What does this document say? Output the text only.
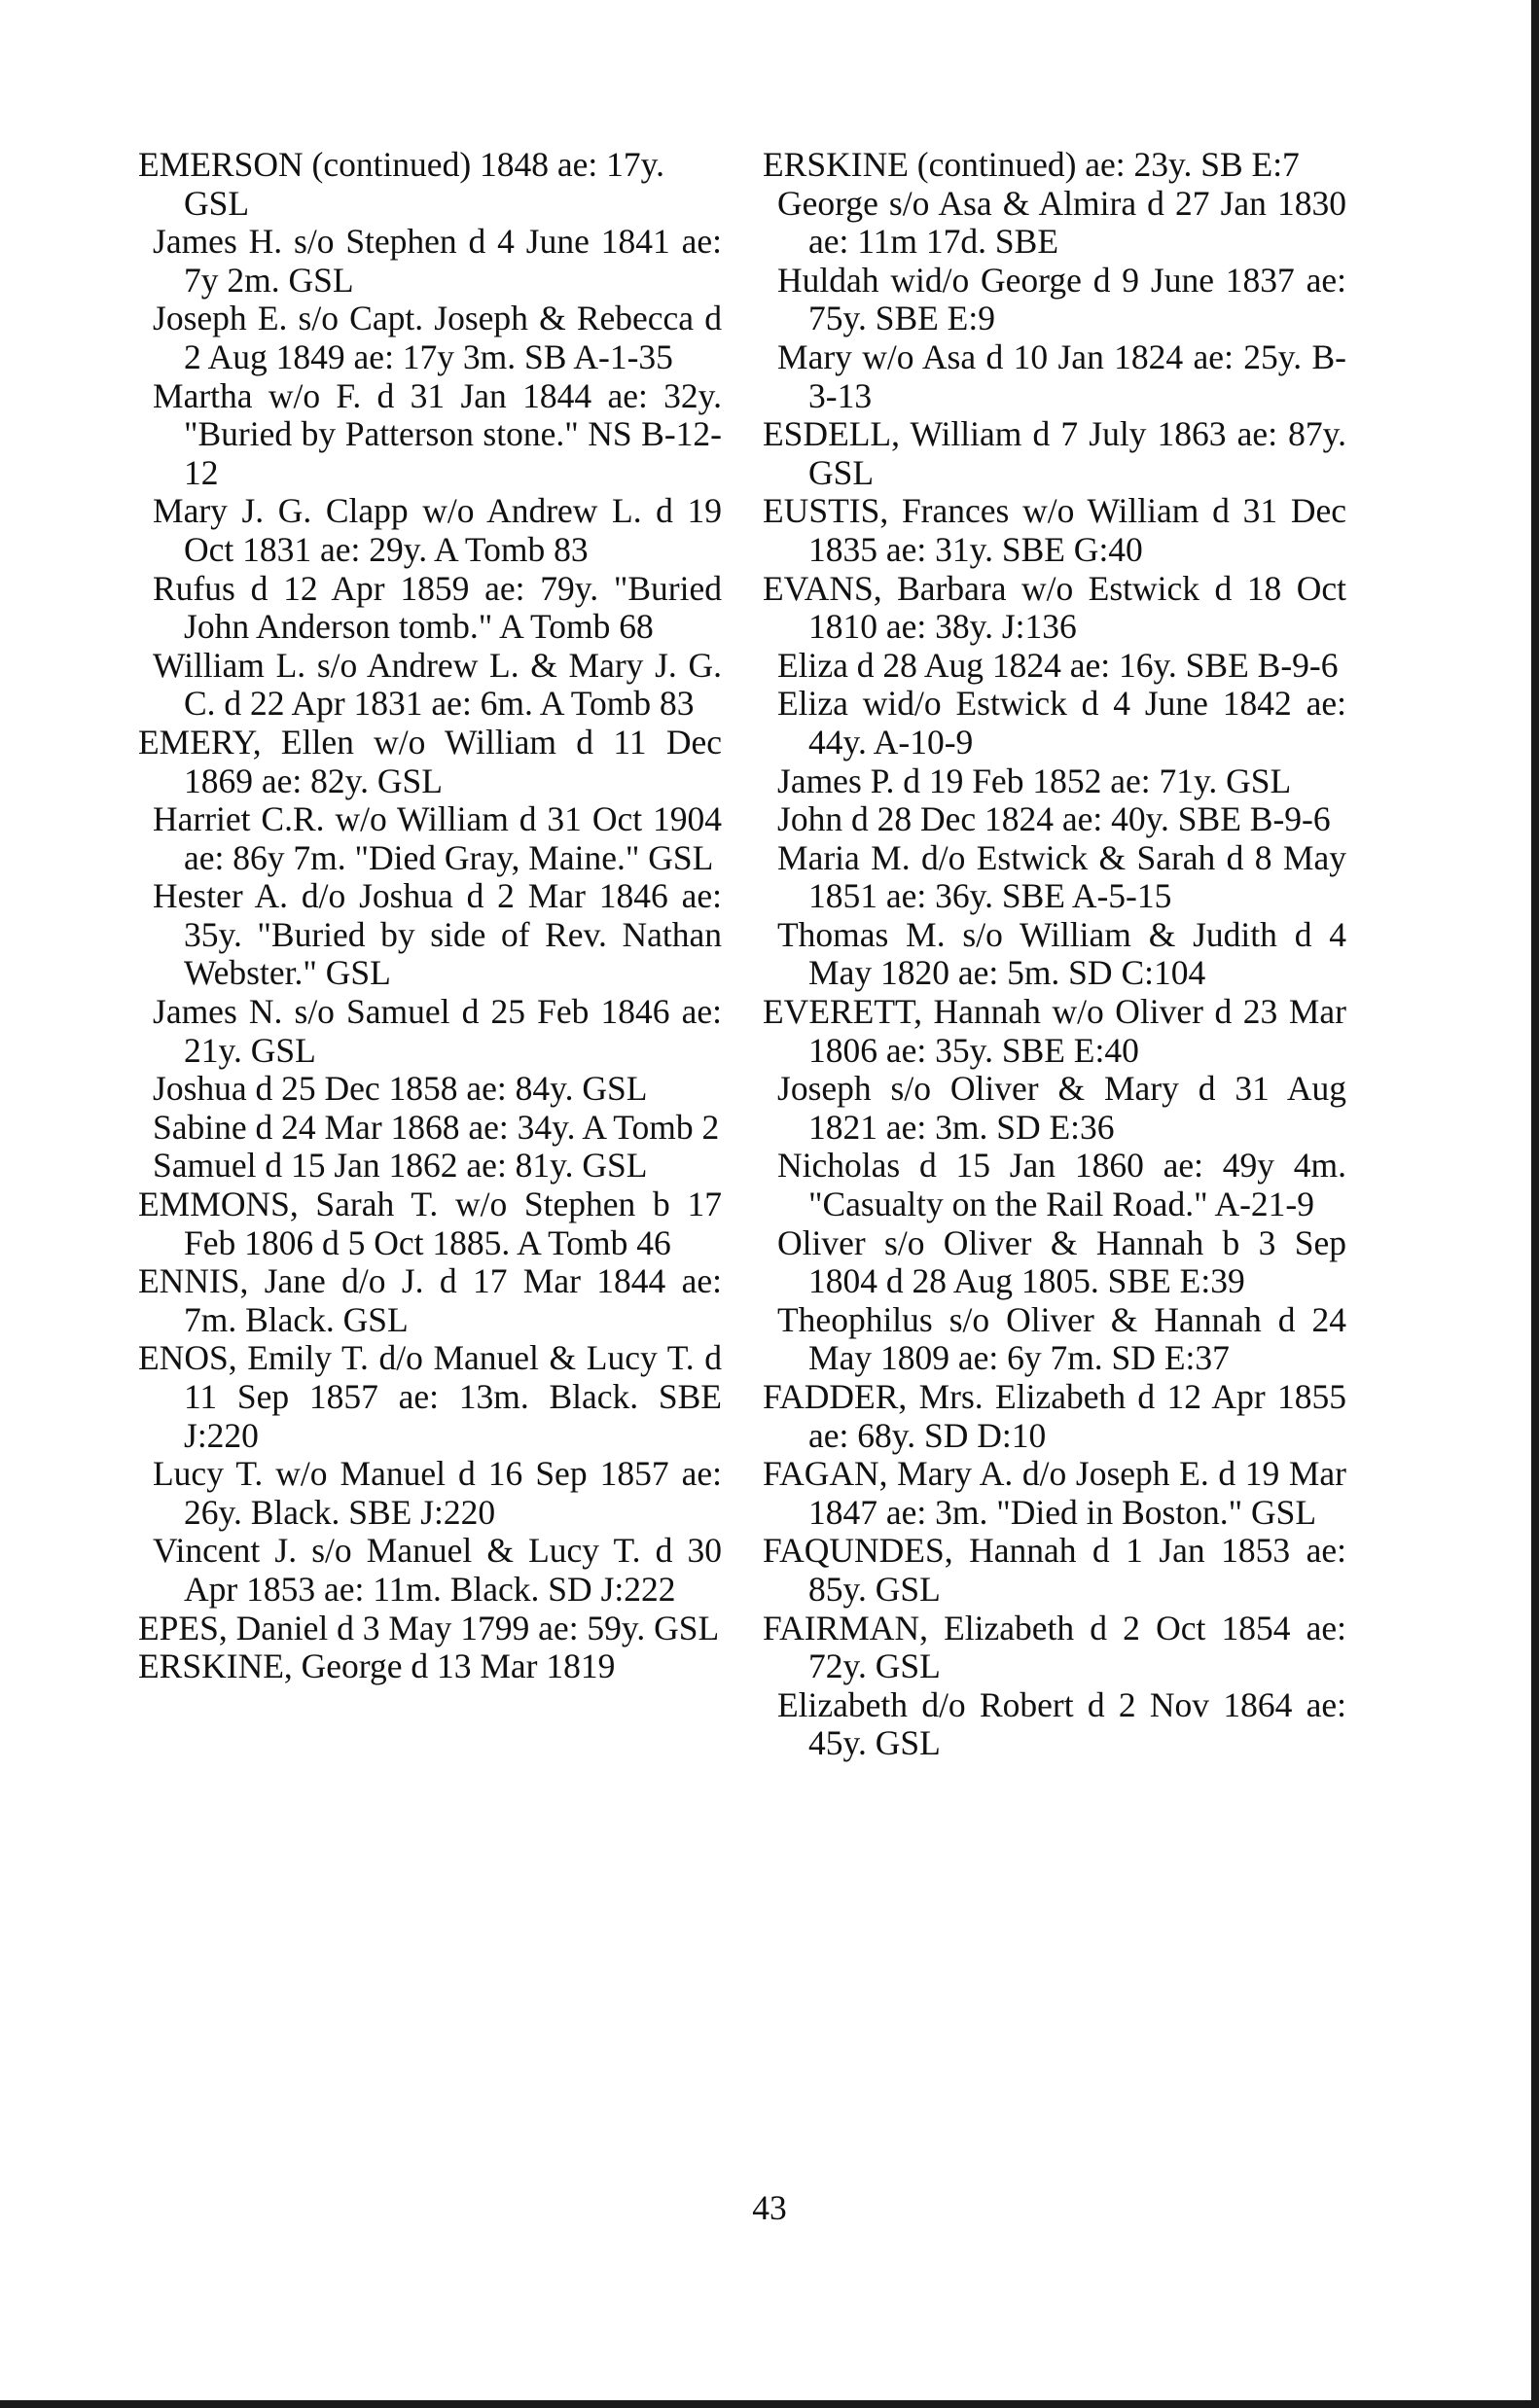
EMERSON (continued) 1848 ae: 17y. GSL

James H. s/o Stephen d 4 June 1841 ae: 7y 2m. GSL

Joseph E. s/o Capt. Joseph & Rebecca d 2 Aug 1849 ae: 17y 3m. SB A-1-35

Martha w/o F. d 31 Jan 1844 ae: 32y. "Buried by Patterson stone." NS B-12-12

Mary J. G. Clapp w/o Andrew L. d 19 Oct 1831 ae: 29y. A Tomb 83

Rufus d 12 Apr 1859 ae: 79y. "Buried John Anderson tomb." A Tomb 68

William L. s/o Andrew L. & Mary J. G. C. d 22 Apr 1831 ae: 6m. A Tomb 83

EMERY, Ellen w/o William d 11 Dec 1869 ae: 82y. GSL

Harriet C.R. w/o William d 31 Oct 1904 ae: 86y 7m. "Died Gray, Maine." GSL

Hester A. d/o Joshua d 2 Mar 1846 ae: 35y. "Buried by side of Rev. Nathan Webster." GSL

James N. s/o Samuel d 25 Feb 1846 ae: 21y. GSL

Joshua d 25 Dec 1858 ae: 84y. GSL

Sabine d 24 Mar 1868 ae: 34y. A Tomb 2

Samuel d 15 Jan 1862 ae: 81y. GSL

EMMONS, Sarah T. w/o Stephen b 17 Feb 1806 d 5 Oct 1885. A Tomb 46

ENNIS, Jane d/o J. d 17 Mar 1844 ae: 7m. Black. GSL

ENOS, Emily T. d/o Manuel & Lucy T. d 11 Sep 1857 ae: 13m. Black. SBE J:220

Lucy T. w/o Manuel d 16 Sep 1857 ae: 26y. Black. SBE J:220

Vincent J. s/o Manuel & Lucy T. d 30 Apr 1853 ae: 11m. Black. SD J:222

EPES, Daniel d 3 May 1799 ae: 59y. GSL

ERSKINE, George d 13 Mar 1819

ERSKINE (continued) ae: 23y. SB E:7

George s/o Asa & Almira d 27 Jan 1830 ae: 11m 17d. SBE

Huldah wid/o George d 9 June 1837 ae: 75y. SBE E:9

Mary w/o Asa d 10 Jan 1824 ae: 25y. B-3-13

ESDELL, William d 7 July 1863 ae: 87y. GSL

EUSTIS, Frances w/o William d 31 Dec 1835 ae: 31y. SBE G:40

EVANS, Barbara w/o Estwick d 18 Oct 1810 ae: 38y. J:136

Eliza d 28 Aug 1824 ae: 16y. SBE B-9-6

Eliza wid/o Estwick d 4 June 1842 ae: 44y. A-10-9

James P. d 19 Feb 1852 ae: 71y. GSL

John d 28 Dec 1824 ae: 40y. SBE B-9-6

Maria M. d/o Estwick & Sarah d 8 May 1851 ae: 36y. SBE A-5-15

Thomas M. s/o William & Judith d 4 May 1820 ae: 5m. SD C:104

EVERETT, Hannah w/o Oliver d 23 Mar 1806 ae: 35y. SBE E:40

Joseph s/o Oliver & Mary d 31 Aug 1821 ae: 3m. SD E:36

Nicholas d 15 Jan 1860 ae: 49y 4m. "Casualty on the Rail Road." A-21-9

Oliver s/o Oliver & Hannah b 3 Sep 1804 d 28 Aug 1805. SBE E:39

Theophilus s/o Oliver & Hannah d 24 May 1809 ae: 6y 7m. SD E:37

FADDER, Mrs. Elizabeth d 12 Apr 1855 ae: 68y. SD D:10

FAGAN, Mary A. d/o Joseph E. d 19 Mar 1847 ae: 3m. "Died in Boston." GSL

FAQUNDES, Hannah d 1 Jan 1853 ae: 85y. GSL

FAIRMAN, Elizabeth d 2 Oct 1854 ae: 72y. GSL

Elizabeth d/o Robert d 2 Nov 1864 ae: 45y. GSL

43
